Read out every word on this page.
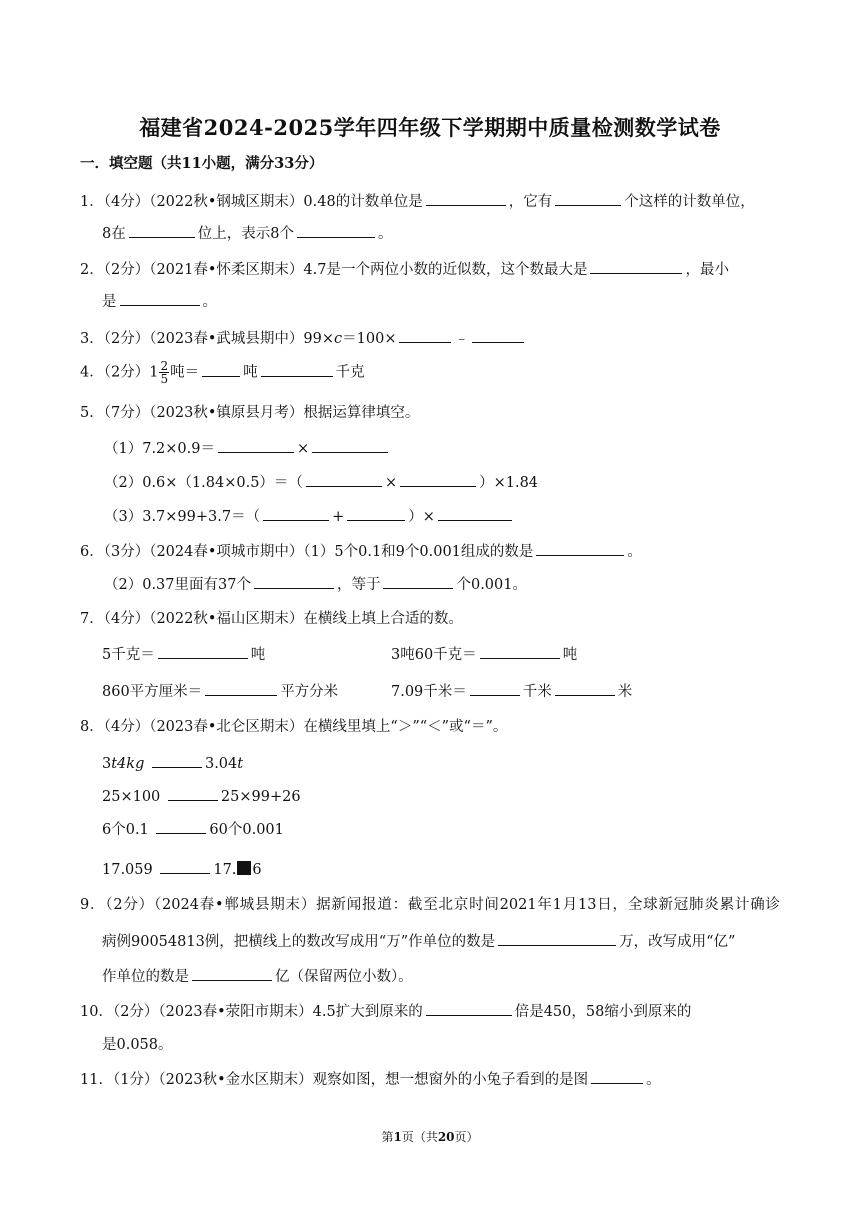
福建省2024-2025学年四年级下学期期中质量检测数学试卷
一．填空题（共11小题，满分33分）
1．（4分）（2022秋•钢城区期末）0.48的计数单位是	，它有	个这样的计数单位，
8在	位上，表示8个	。
2．（2分）（2021春•怀柔区期末）4.7是一个两位小数的近似数，这个数最大是	，最小
是	。
3．（2分）（2023春•武城县期中）99×c＝100×	﹣
4．（2分）$1 \frac{2}{5}$ 吨＝	吨	千克
5．（7分）（2023秋•镇原县月考）根据运算律填空。
（1）7.2×0.9＝	×
（2）0.6×（1.84×0.5）＝（	×	）×1.84
（3）3.7×99+3.7＝（	+	）×
6．（3分）（2024春•项城市期中）（1）5个0.1和9个0.001组成的数是	。
（2）0.37里面有37个	，等于	个0.001。
7．（4分）（2022秋•福山区期末）在横线上填上合适的数。
5千克＝	吨	3吨60千克＝	吨
860平方厘米＝	平方分米	7.09千米＝	千米	米
8．（4分）（2023春•北仑区期末）在横线里填上“＞”“＜”或“＝”。
3t4kg	3.04t
25×100	25×99+26
6个0.1	60个0.001
17.059	17. 6
9．（2分）（2024春•郸城县期末）据新闻报道：截至北京时间2021年1月13日，全球新冠肺炎累计确诊
病例90054813例，把横线上的数改写成用“万”作单位的数是	万，改写成用“亿”
作单位的数是	亿（保留两位小数）。
10．（2分）（2023春•荥阳市期末）4.5扩大到原来的	倍是450，58缩小到原来的
是0.058。
11．（1分）（2023秋•金水区期末）观察如图，想一想窗外的小兔子看到的是图	。
第1页（共20页）
